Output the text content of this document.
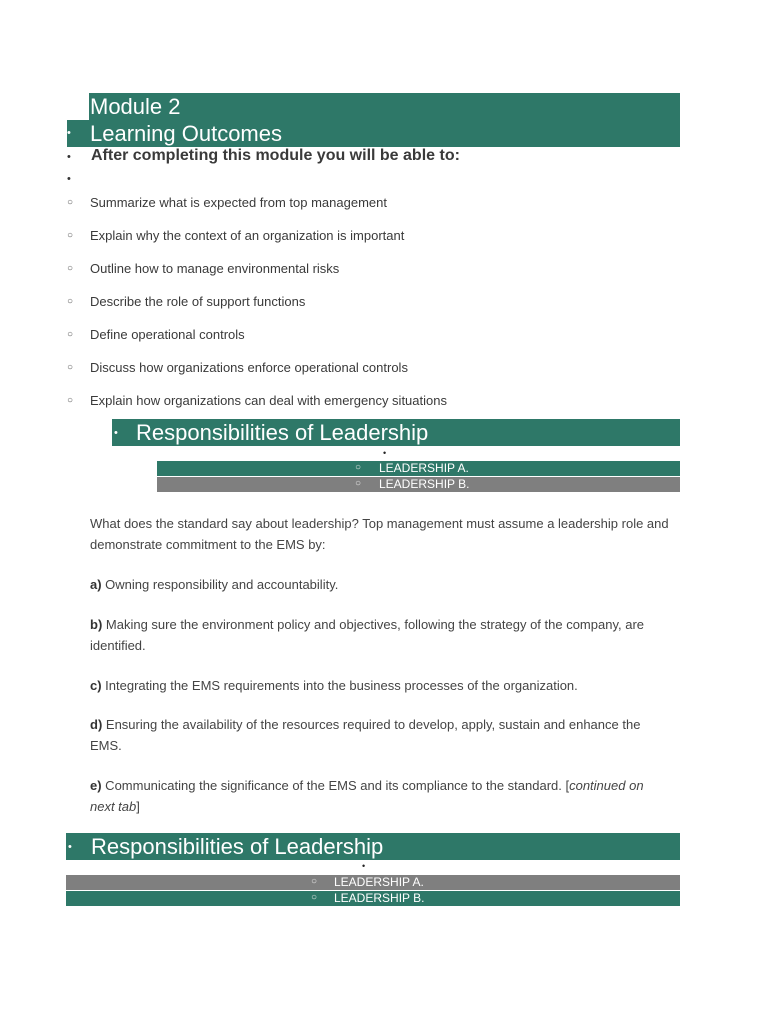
Module 2
• Learning Outcomes
• After completing this module you will be able to:
•
○ Summarize what is expected from top management
○ Explain why the context of an organization is important
○ Outline how to manage environmental risks
○ Describe the role of support functions
○ Define operational controls
○ Discuss how organizations enforce operational controls
○ Explain how organizations can deal with emergency situations
• Responsibilities of Leadership
•
○ LEADERSHIP A.
○ LEADERSHIP B.
What does the standard say about leadership? Top management must assume a leadership role and demonstrate commitment to the EMS by:
a) Owning responsibility and accountability.
b) Making sure the environment policy and objectives, following the strategy of the company, are identified.
c) Integrating the EMS requirements into the business processes of the organization.
d) Ensuring the availability of the resources required to develop, apply, sustain and enhance the EMS.
e) Communicating the significance of the EMS and its compliance to the standard. [continued on next tab]
• Responsibilities of Leadership
•
○ LEADERSHIP A.
○ LEADERSHIP B.
